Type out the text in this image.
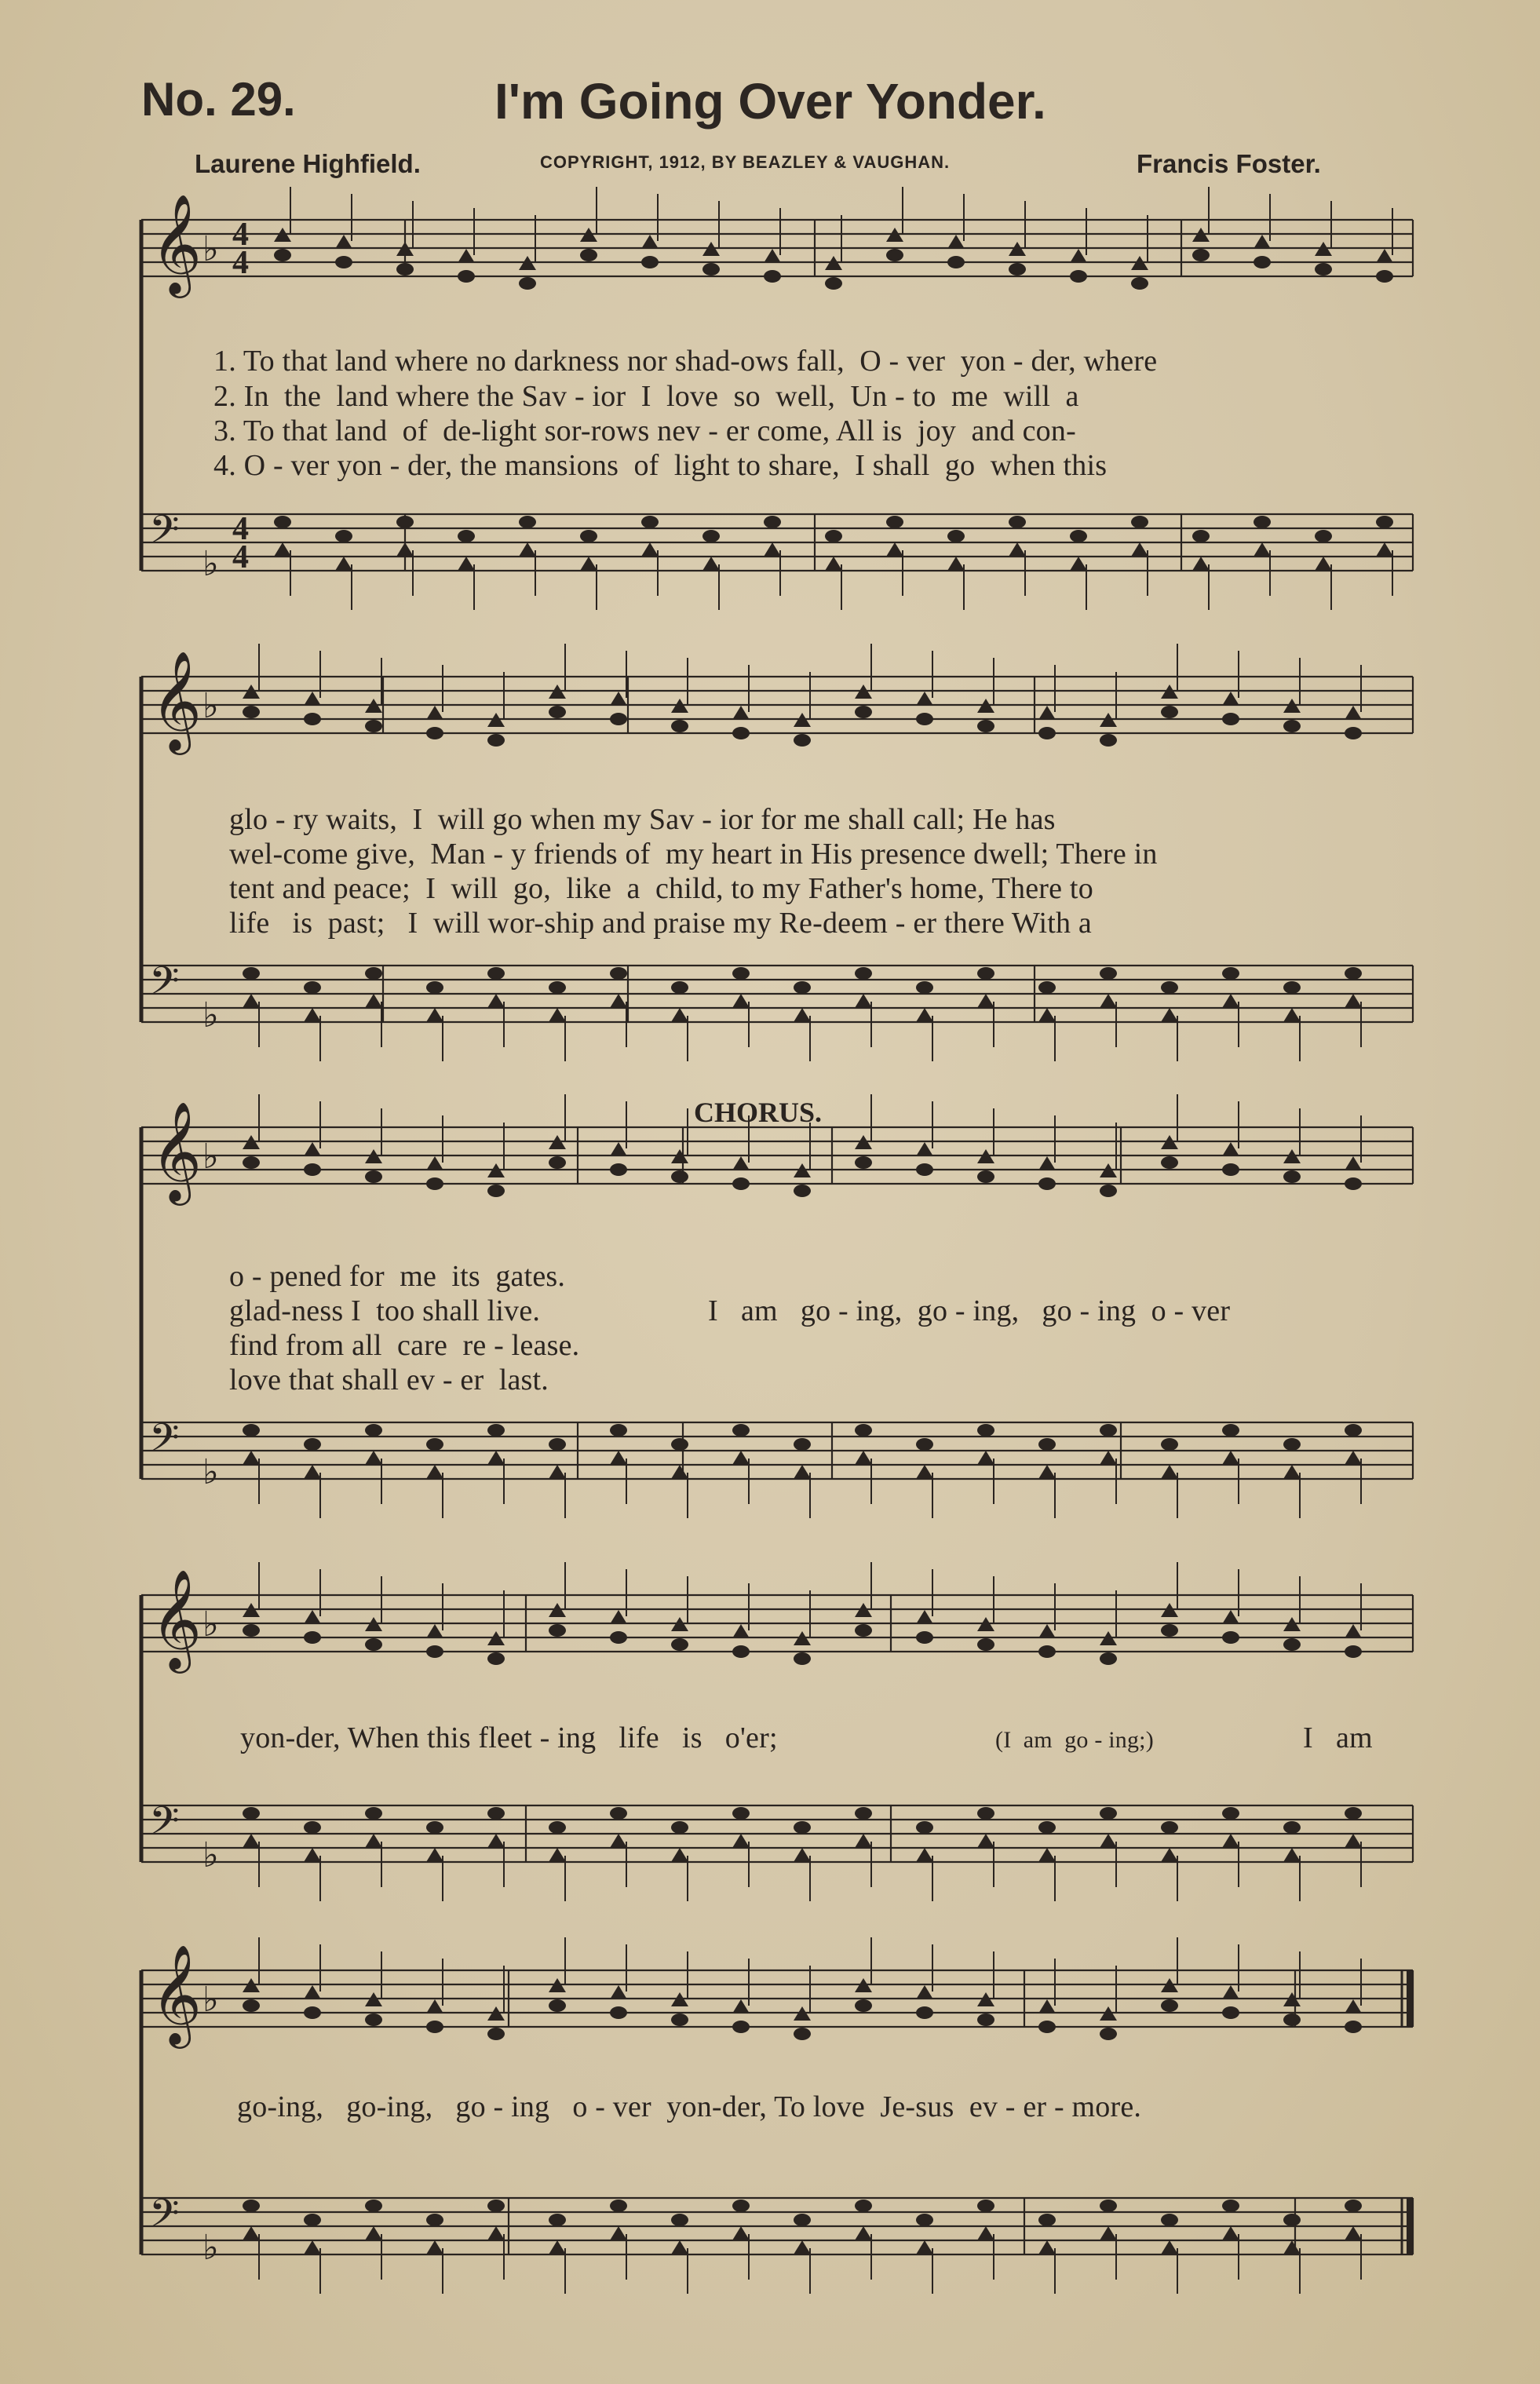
No. 29.	I'm Going Over Yonder.
Laurene Highfield.	COPYRIGHT, 1912, BY BEAZLEY & VAUGHAN.	Francis Foster.
𝄞 ♭
𝄢
♭
4
4
4
4
𝄞 ♭
𝄢
♭
𝄞 ♭
𝄢
♭
𝄞 ♭
𝄢
♭
𝄞 ♭
𝄢
♭
1. To that land where no darkness nor shad-ows fall,  O - ver  yon - der, where
2. In  the  land where the Sav - ior  I  love  so  well,  Un - to  me  will  a
3. To that land  of  de-light sor-rows nev - er come, All is  joy  and con-
4. O - ver yon - der, the mansions  of  light to share,  I shall  go  when this
glo - ry waits,  I  will go when my Sav - ior for me shall call; He has
wel-come give,  Man - y friends of  my heart in His presence dwell; There in
tent and peace;  I  will  go,  like  a  child, to my Father's home, There to
life   is  past;   I  will wor-ship and praise my Re-deem - er there With a
CHORUS.
o - pened for  me  its  gates.
glad-ness I  too shall live.
find from all  care  re - lease.
love that shall ev - er  last.
I   am   go - ing,  go - ing,   go - ing  o - ver
yon-der, When this fleet - ing   life   is   o'er;	(I  am  go - ing;)	I   am
go-ing,   go-ing,   go - ing   o - ver  yon-der, To love  Je-sus  ev - er - more.
